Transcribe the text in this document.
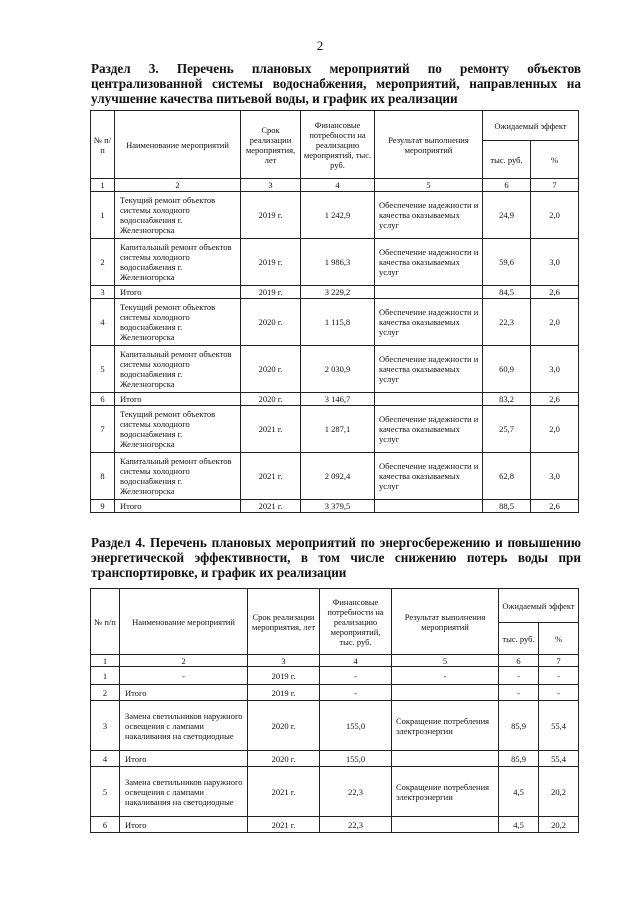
2
Раздел 3. Перечень плановых мероприятий по ремонту объектов централизованной системы водоснабжения, мероприятий, направленных на улучшение качества питьевой воды, и график их реализации
№ п/п	Наименование мероприятий	Срок реализации мероприятия, лет	Финансовые потребности на реализацию мероприятий, тыс. руб.	Результат выполнения мероприятий	Ожидаемый эффект	
					тыс. руб.	%
1	2	3	4	5	6	7
1	Текущий ремонт объектов системы холодного водоснабжения г. Железногорска	2019 г.	1 242,9	Обеспечение надежности и качества оказываемых услуг	24,9	2,0
2	Капитальный ремонт объектов системы холодного водоснабжения г. Железногорска	2019 г.	1 986,3	Обеспечение надежности и качества оказываемых услуг	59,6	3,0
3	Итого	2019 г.	3 229,2		84,5	2,6
4	Текущий ремонт объектов системы холодного водоснабжения г. Железногорска	2020 г.	1 115,8	Обеспечение надежности и качества оказываемых услуг	22,3	2,0
5	Капитальный ремонт объектов системы холодного водоснабжения г. Железногорска	2020 г.	2 030,9	Обеспечение надежности и качества оказываемых услуг	60,9	3,0
6	Итого	2020 г.	3 146,7		83,2	2,6
7	Текущий ремонт объектов системы холодного водоснабжения г. Железногорска	2021 г.	1 287,1	Обеспечение надежности и качества оказываемых услуг	25,7	2,0
8	Капитальный ремонт объектов системы холодного водоснабжения г. Железногорска	2021 г.	2 092,4	Обеспечение надежности и качества оказываемых услуг	62,8	3,0
9	Итого	2021 г.	3 379,5		88,5	2,6
Раздел 4. Перечень плановых мероприятий по энергосбережению и повышению энергетической эффективности, в том числе снижению потерь воды при транспортировке, и график их реализации
№ п/п	Наименование мероприятий	Срок реализации мероприятия, лет	Финансовые потребности на реализацию мероприятий, тыс. руб.	Результат выполнения мероприятий	Ожидаемый эффект	
					тыс. руб.	%
1	2	3	4	5	6	7
1	-	2019 г.	-	-	-	-
2	Итого	2019 г.	-		-	-
3	Замена светильников наружного освещения с лампами накаливания на светодиодные	2020 г.	155,0	Сокращение потребления электроэнергии	85,9	55,4
4	Итого	2020 г.	155,0		85,9	55,4
5	Замена светильников наружного освещения с лампами накаливания на светодиодные	2021 г.	22,3	Сокращение потребления электроэнергии	4,5	20,2
6	Итого	2021 г.	22,3		4,5	20,2
